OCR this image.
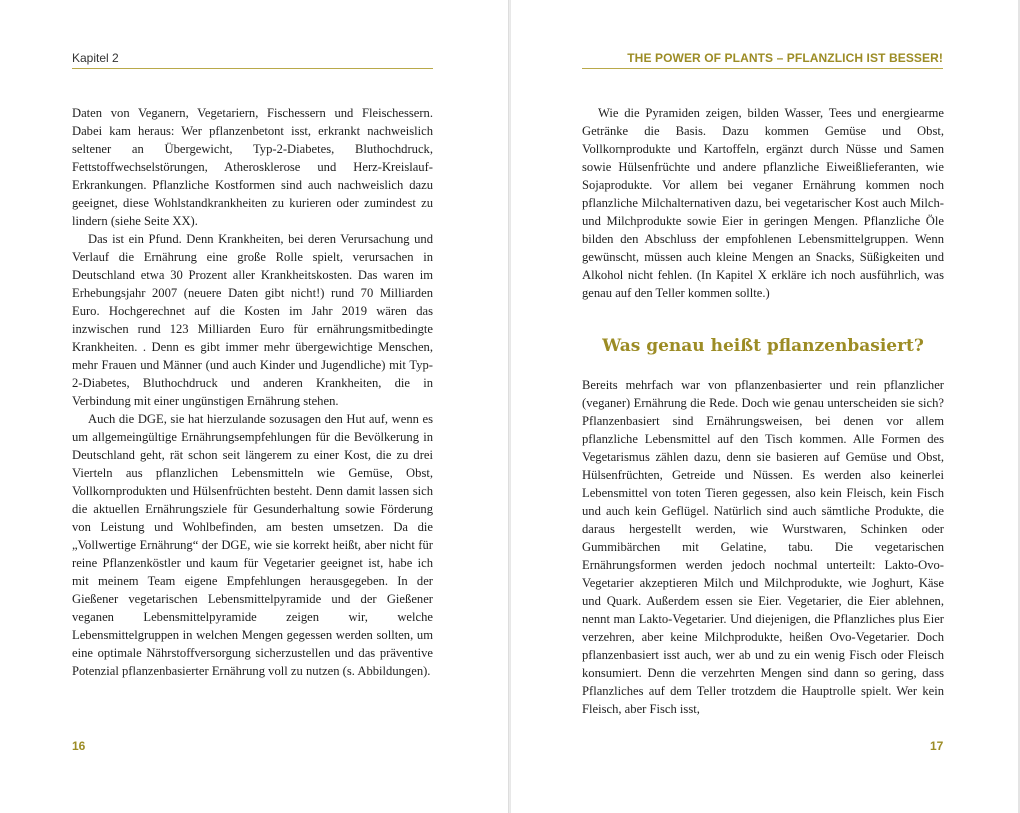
Kapitel 2

Daten von Veganern, Vegetariern, Fischessern und Fleischessern. Dabei kam heraus: Wer pflanzenbetont isst, erkrankt nachweislich seltener an Übergewicht, Typ-2-Diabetes, Bluthochdruck, Fettstoffwechselstörungen, Atherosklerose und Herz-Kreislauf-Erkrankungen. Pflanzliche Kostformen sind auch nachweislich dazu geeignet, diese Wohlstandkrankheiten zu kurieren oder zumindest zu lindern (siehe Seite XX).

Das ist ein Pfund. Denn Krankheiten, bei deren Verursachung und Verlauf die Ernährung eine große Rolle spielt, verursachen in Deutschland etwa 30 Prozent aller Krankheitskosten. Das waren im Erhebungsjahr 2007 (neuere Daten gibt nicht!) rund 70 Milliarden Euro. Hochgerechnet auf die Kosten im Jahr 2019 wären das inzwischen rund 123 Milliarden Euro für ernährungsmitbedingte Krankheiten. . Denn es gibt immer mehr übergewichtige Menschen, mehr Frauen und Männer (und auch Kinder und Jugendliche) mit Typ-2-Diabetes, Bluthochdruck und anderen Krankheiten, die in Verbindung mit einer ungünstigen Ernährung stehen.

Auch die DGE, sie hat hierzulande sozusagen den Hut auf, wenn es um allgemeingültige Ernährungsempfehlungen für die Bevölkerung in Deutschland geht, rät schon seit längerem zu einer Kost, die zu drei Vierteln aus pflanzlichen Lebensmitteln wie Gemüse, Obst, Vollkornprodukten und Hülsenfrüchten besteht. Denn damit lassen sich die aktuellen Ernährungsziele für Gesunderhaltung sowie Förderung von Leistung und Wohlbefinden, am besten umsetzen. Da die „Vollwertige Ernährung“ der DGE, wie sie korrekt heißt, aber nicht für reine Pflanzenköstler und kaum für Vegetarier geeignet ist, habe ich mit meinem Team eigene Empfehlungen herausgegeben. In der Gießener vegetarischen Lebensmittelpyramide und der Gießener veganen Lebensmittelpyramide zeigen wir, welche Lebensmittelgruppen in welchen Mengen gegessen werden sollten, um eine optimale Nährstoffversorgung sicherzustellen und das präventive Potenzial pflanzenbasierter Ernährung voll zu nutzen (s. Abbildungen).

16
THE POWER OF PLANTS – PFLANZLICH IST BESSER!

Wie die Pyramiden zeigen, bilden Wasser, Tees und energiearme Getränke die Basis. Dazu kommen Gemüse und Obst, Vollkornprodukte und Kartoffeln, ergänzt durch Nüsse und Samen sowie Hülsenfrüchte und andere pflanzliche Eiweißlieferanten, wie Sojaprodukte. Vor allem bei veganer Ernährung kommen noch pflanzliche Milchalternativen dazu, bei vegetarischer Kost auch Milch- und Milchprodukte sowie Eier in geringen Mengen. Pflanzliche Öle bilden den Abschluss der empfohlenen Lebensmittelgruppen. Wenn gewünscht, müssen auch kleine Mengen an Snacks, Süßigkeiten und Alkohol nicht fehlen. (In Kapitel X erkläre ich noch ausführlich, was genau auf den Teller kommen sollte.)

Was genau heißt pflanzenbasiert?

Bereits mehrfach war von pflanzenbasierter und rein pflanzlicher (veganer) Ernährung die Rede. Doch wie genau unterscheiden sie sich? Pflanzenbasiert sind Ernährungsweisen, bei denen vor allem pflanzliche Lebensmittel auf den Tisch kommen. Alle Formen des Vegetarismus zählen dazu, denn sie basieren auf Gemüse und Obst, Hülsenfrüchten, Getreide und Nüssen. Es werden also keinerlei Lebensmittel von toten Tieren gegessen, also kein Fleisch, kein Fisch und auch kein Geflügel. Natürlich sind auch sämtliche Produkte, die daraus hergestellt werden, wie Wurstwaren, Schinken oder Gummibärchen mit Gelatine, tabu. Die vegetarischen Ernährungsformen werden jedoch nochmal unterteilt: Lakto-Ovo-Vegetarier akzeptieren Milch und Milchprodukte, wie Joghurt, Käse und Quark. Außerdem essen sie Eier. Vegetarier, die Eier ablehnen, nennt man Lakto-Vegetarier. Und diejenigen, die Pflanzliches plus Eier verzehren, aber keine Milchprodukte, heißen Ovo-Vegetarier. Doch pflanzenbasiert isst auch, wer ab und zu ein wenig Fisch oder Fleisch konsumiert. Denn die verzehrten Mengen sind dann so gering, dass Pflanzliches auf dem Teller trotzdem die Hauptrolle spielt. Wer kein Fleisch, aber Fisch isst,

17
